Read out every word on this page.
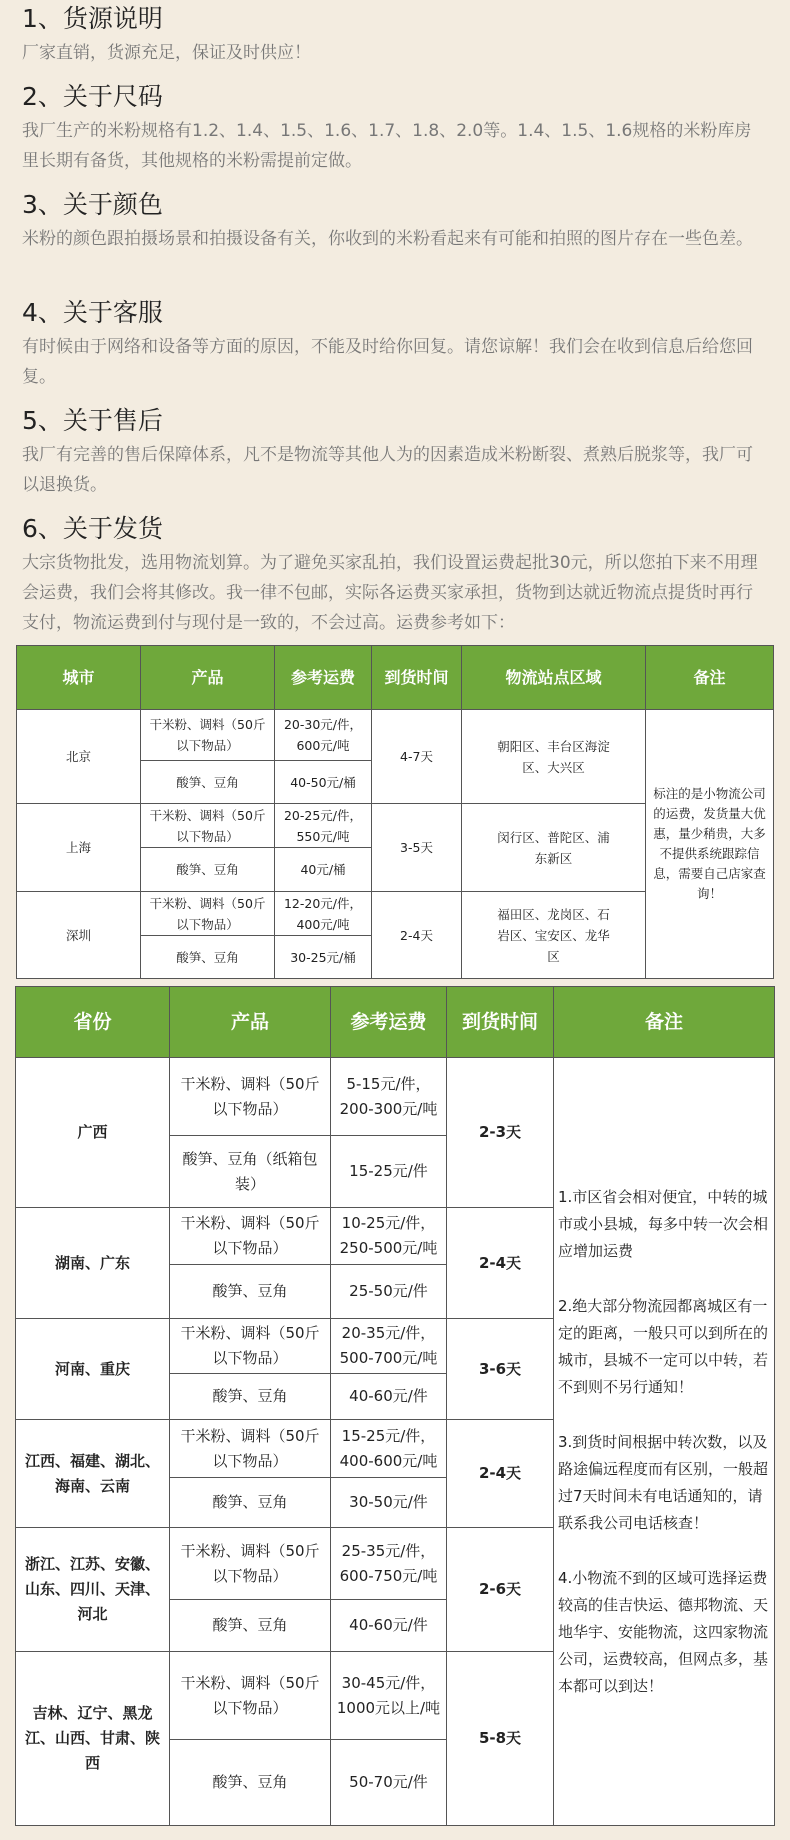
1、货源说明

厂家直销，货源充足，保证及时供应！

2、关于尺码

我厂生产的米粉规格有1.2、1.4、1.5、1.6、1.7、1.8、2.0等。1.4、1.5、1.6规格的米粉库房里长期有备货，其他规格的米粉需提前定做。

3、关于颜色

米粉的颜色跟拍摄场景和拍摄设备有关，你收到的米粉看起来有可能和拍照的图片存在一些色差。

4、关于客服

有时候由于网络和设备等方面的原因，不能及时给你回复。请您谅解！我们会在收到信息后给您回复。

5、关于售后

我厂有完善的售后保障体系，凡不是物流等其他人为的因素造成米粉断裂、煮熟后脱浆等，我厂可以退换货。

6、关于发货

大宗货物批发，选用物流划算。为了避免买家乱拍，我们设置运费起批30元，所以您拍下来不用理会运费，我们会将其修改。我一律不包邮，实际各运费买家承担，货物到达就近物流点提货时再行支付，物流运费到付与现付是一致的，不会过高。运费参考如下：

城市	产品	参考运费	到货时间	物流站点区域	备注
北京	干米粉、调料（50斤以下物品）	20-30元/件，600元/吨	4-7天	朝阳区、丰台区海淀区、大兴区	标注的是小物流公司的运费，发货量大优惠，量少稍贵，大多不提供系统跟踪信息，需要自己店家查询！
	酸笋、豆角	40-50元/桶			
上海	干米粉、调料（50斤以下物品）	20-25元/件，550元/吨	3-5天	闵行区、普陀区、浦东新区	
	酸笋、豆角	40元/桶			
深圳	干米粉、调料（50斤以下物品）	12-20元/件，400元/吨	2-4天	福田区、龙岗区、石岩区、宝安区、龙华区	
	酸笋、豆角	30-25元/桶			
省份	产品	参考运费	到货时间	备注
广西	干米粉、调料（50斤以下物品）	5-15元/件，200-300元/吨	2-3天	1.市区省会相对便宜，中转的城市或小县城，每多中转一次会相应增加运费
2.绝大部分物流园都离城区有一定的距离，一般只可以到所在的城市，县城不一定可以中转，若不到则不另行通知！
3.到货时间根据中转次数，以及路途偏远程度而有区别，一般超过7天时间未有电话通知的，请联系我公司电话核查！
4.小物流不到的区域可选择运费较高的佳吉快运、德邦物流、天地华宇、安能物流，这四家物流公司，运费较高，但网点多，基本都可以到达！

	酸笋、豆角（纸箱包装）	15-25元/件		
湖南、广东	干米粉、调料（50斤以下物品）	10-25元/件，250-500元/吨	2-4天	
	酸笋、豆角	25-50元/件		
河南、重庆	干米粉、调料（50斤以下物品）	20-35元/件，500-700元/吨	3-6天	
	酸笋、豆角	40-60元/件		
江西、福建、湖北、海南、云南	干米粉、调料（50斤以下物品）	15-25元/件，400-600元/吨	2-4天	
	酸笋、豆角	30-50元/件		
浙江、江苏、安徽、山东、四川、天津、河北	干米粉、调料（50斤以下物品）	25-35元/件，600-750元/吨	2-6天	
	酸笋、豆角	40-60元/件		
吉林、辽宁、黑龙江、山西、甘肃、陕西	干米粉、调料（50斤以下物品）	30-45元/件，1000元以上/吨	5-8天	
	酸笋、豆角	50-70元/件		
